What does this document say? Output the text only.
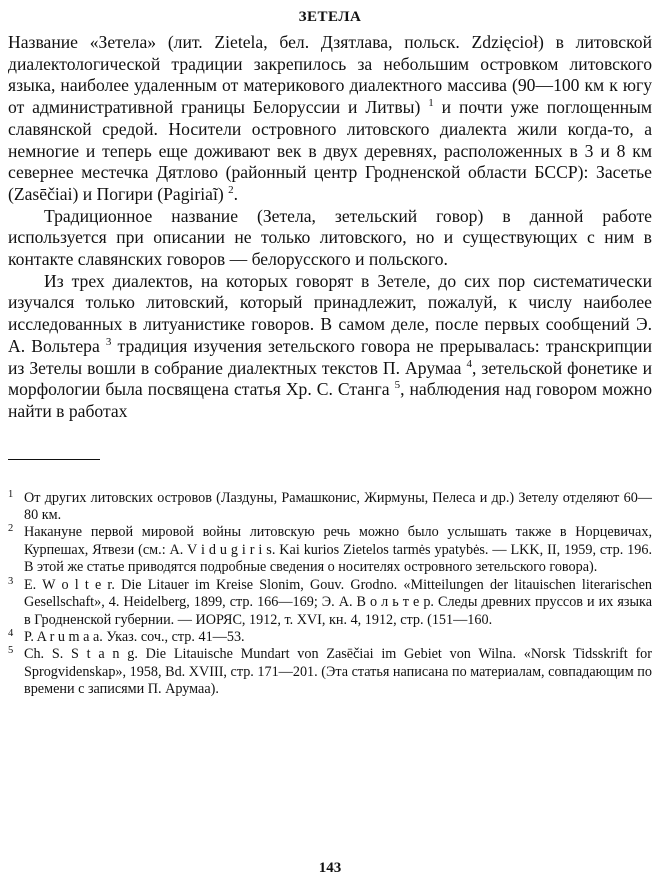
ЗЕТЕЛА

Название «Зетела» (лит. Zietela, бел. Дзятлава, польск. Zdzięcioł) в литовской диалектологической традиции закрепилось за небольшим островком литовского языка, наиболее удаленным от материкового диалектного массива (90—100 км к югу от административной границы Белоруссии и Литвы) $^1$ и почти уже поглощенным славянской средой. Носители островного литовского диалекта жили когда-то, а немногие и теперь еще доживают век в двух деревнях, расположенных в 3 и 8 км севернее местечка Дятлово (районный центр Гродненской области БССР): Засетье (Zasēčiai) и Погири (Pagiriaĩ) $^2$.

Традиционное название (Зетела, зетельский говор) в данной работе используется при описании не только литовского, но и существующих с ним в контакте славянских говоров — белорусского и польского.

Из трех диалектов, на которых говорят в Зетеле, до сих пор систематически изучался только литовский, который принадлежит, пожалуй, к числу наиболее исследованных в литуанистике говоров. В самом деле, после первых сообщений Э. А. Вольтера $^3$ традиция изучения зетельского говора не прерывалась: транскрипции из Зетелы вошли в собрание диалектных текстов П. Арумаа $^4$, зетельской фонетике и морфологии была посвящена статья Хр. С. Станга $^5$, наблюдения над говором можно найти в работах

1 От других литовских островов (Лаздуны, Рамашконис, Жирмуны, Пелеса и др.) Зетелу отделяют 60—80 км.

2 Накануне первой мировой войны литовскую речь можно было услышать также в Норцевичах, Курпешах, Ятвези (см.: A. V i d u g i r i s. Kai kurios Zietelos tarmės ypatybės. — LKK, II, 1959, стр. 196. В этой же статье приводятся подробные сведения о носителях островного зетельского говора).

3 E. W o l t e r. Die Litauer im Kreise Slonim, Gouv. Grodno. «Mitteilungen der litauischen literarischen Gesellschaft», 4. Heidelberg, 1899, стр. 166—169; Э. А. В о л ь т е р. Следы древних пруссов и их языка в Гродненской губернии. — ИОРЯС, 1912, т. XVI, кн. 4, 1912, стр. (151—160.

4 P. A r u m a a. Указ. соч., стр. 41—53.

5 Ch. S. S t a n g. Die Litauische Mundart von Zasēčiai im Gebiet von Wilna. «Norsk Tidsskrift for Sprogvidenskap», 1958, Bd. XVIII, стр. 171—201. (Эта статья написана по материалам, совпадающим по времени с записями П. Арумаа).

143
